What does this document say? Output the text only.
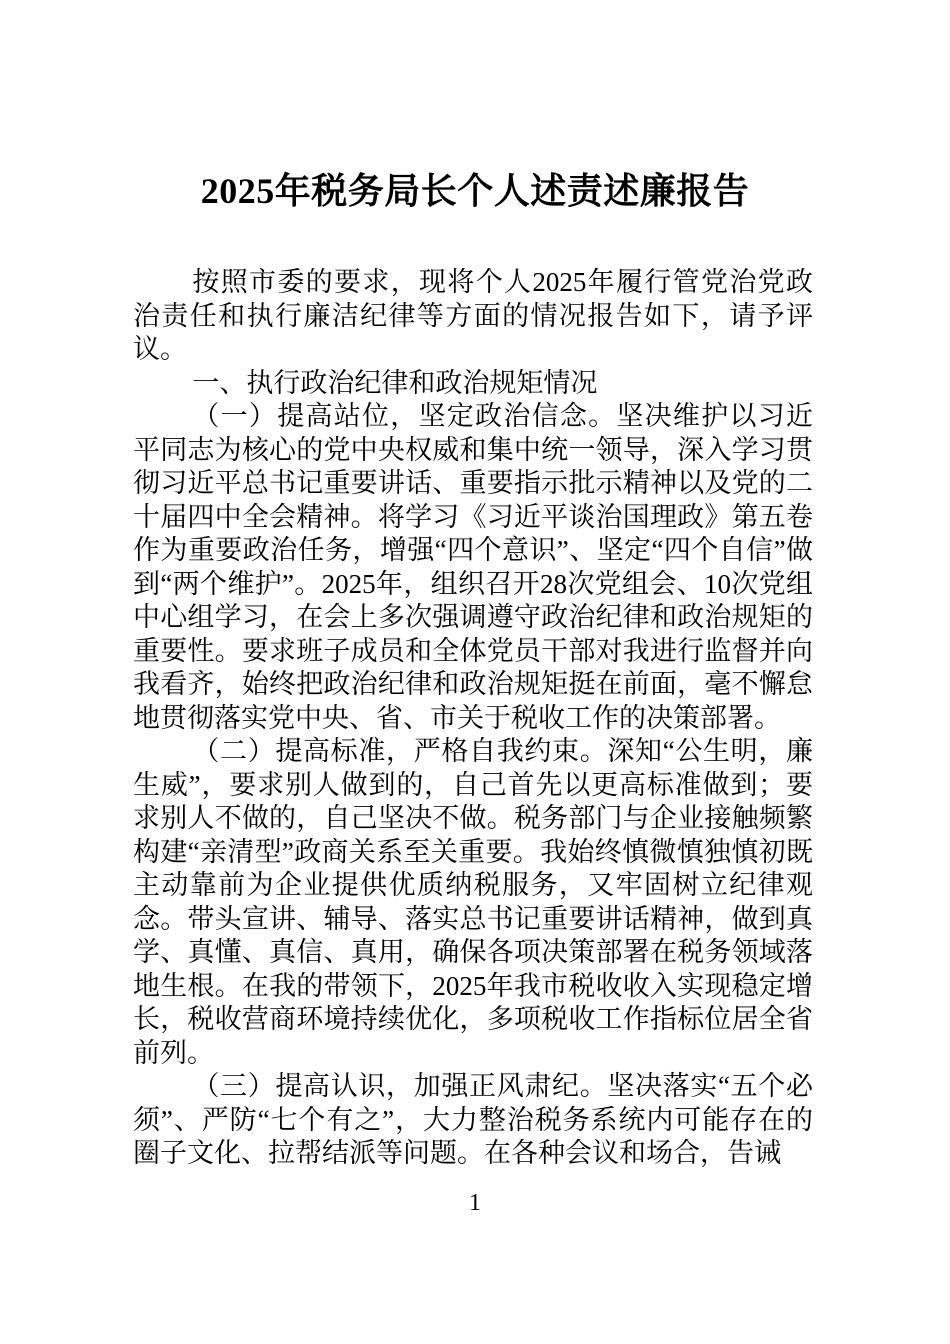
2025年税务局长个人述责述廉报告

按照市委的要求，现将个人2025年履行管党治党政治责任和执行廉洁纪律等方面的情况报告如下，请予评议。

一、执行政治纪律和政治规矩情况

（一）提高站位，坚定政治信念。坚决维护以习近平同志为核心的党中央权威和集中统一领导，深入学习贯彻习近平总书记重要讲话、重要指示批示精神以及党的二十届四中全会精神。将学习《习近平谈治国理政》第五卷作为重要政治任务，增强“四个意识”、坚定“四个自信”做到“两个维护”。2025年，组织召开28次党组会、10次党组中心组学习，在会上多次强调遵守政治纪律和政治规矩的重要性。要求班子成员和全体党员干部对我进行监督并向我看齐，始终把政治纪律和政治规矩挺在前面，毫不懈怠地贯彻落实党中央、省、市关于税收工作的决策部署。

（二）提高标准，严格自我约束。深知“公生明，廉生威”，要求别人做到的，自己首先以更高标准做到；要求别人不做的，自己坚决不做。税务部门与企业接触频繁构建“亲清型”政商关系至关重要。我始终慎微慎独慎初既主动靠前为企业提供优质纳税服务，又牢固树立纪律观念。带头宣讲、辅导、落实总书记重要讲话精神，做到真学、真懂、真信、真用，确保各项决策部署在税务领域落地生根。在我的带领下，2025年我市税收收入实现稳定增长，税收营商环境持续优化，多项税收工作指标位居全省前列。

（三）提高认识，加强正风肃纪。坚决落实“五个必须”、严防“七个有之”，大力整治税务系统内可能存在的圈子文化、拉帮结派等问题。在各种会议和场合，告诫

1
